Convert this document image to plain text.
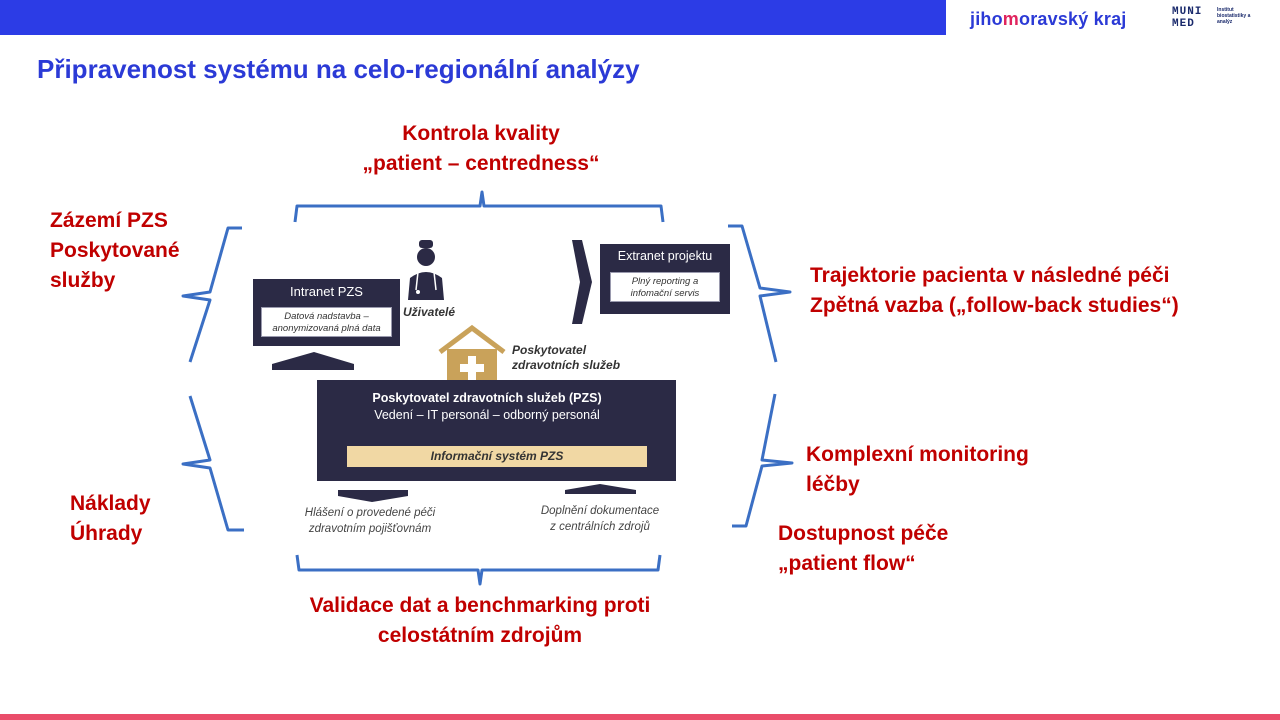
jihomoravský kraj	MUNI
MED
Institut biostatistiky a analýz
Připravenost systému na celo-regionální analýzy
Intranet PZS
Datová nadstavba –
anonymizovaná plná data
Uživatelé
Extranet projektu
Plný reporting a
infomační servis
Poskytovatel
zdravotních služeb
Poskytovatel zdravotních služeb (PZS)
Vedení – IT personál – odborný personál
Informační systém PZS
Hlášení o provedené péči
zdravotním pojišťovnám
Doplnění dokumentace
z centrálních zdrojů
Kontrola kvality
„patient – centredness“
Zázemí PZS
Poskytované
služby
Náklady
Úhrady
Trajektorie pacienta v následné péči
Zpětná vazba („follow-back studies“)
Komplexní monitoring
léčby
Dostupnost péče
„patient flow“
Validace dat a benchmarking proti
celostátním zdrojům
